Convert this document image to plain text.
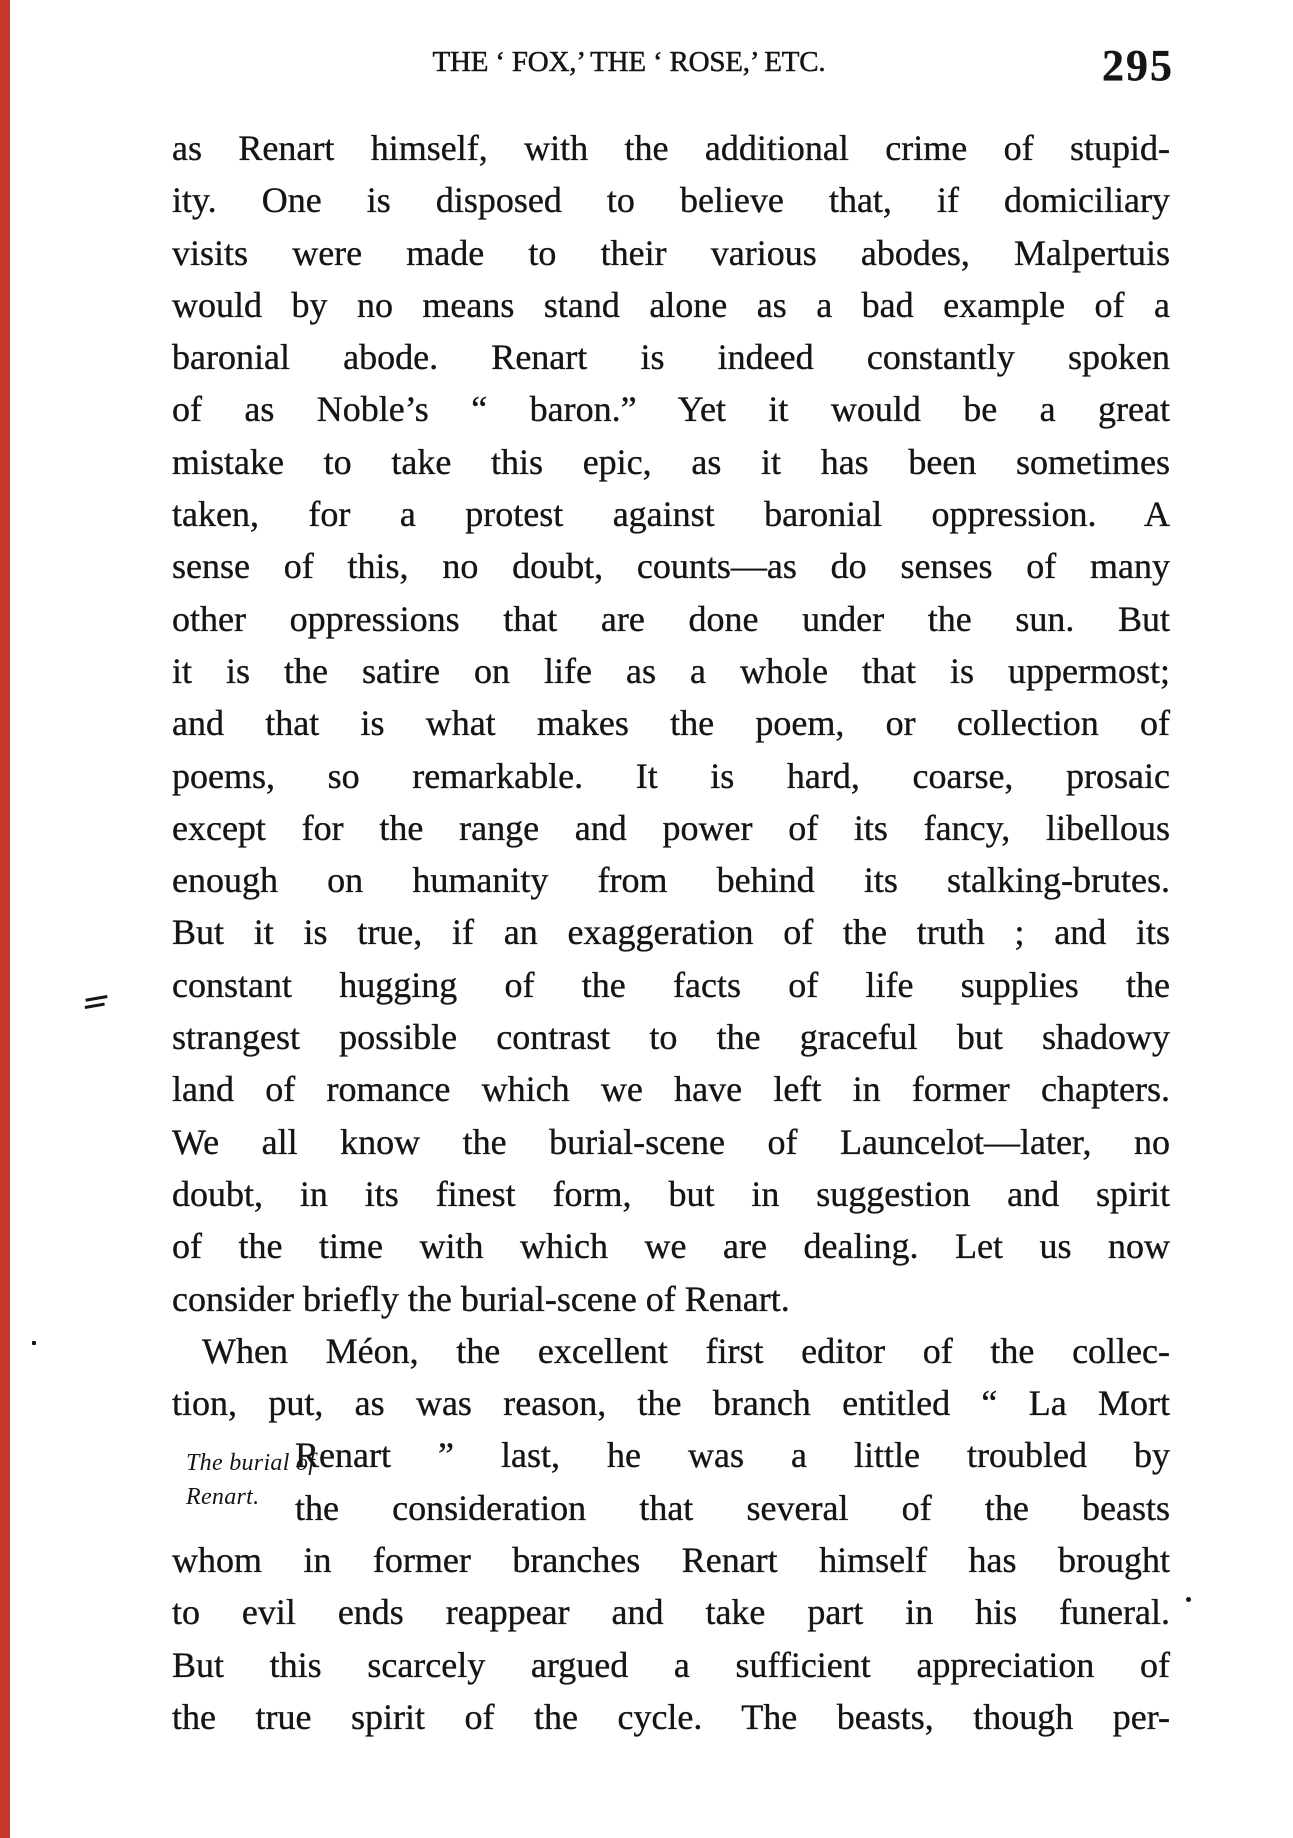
THE ‘ FOX,’ THE ‘ ROSE,’ ETC.	295
as Renart himself, with the additional crime of stupid-
ity. One is disposed to believe that, if domiciliary
visits were made to their various abodes, Malpertuis
would by no means stand alone as a bad example of a
baronial abode. Renart is indeed constantly spoken
of as Noble’s “ baron.” Yet it would be a great
mistake to take this epic, as it has been sometimes
taken, for a protest against baronial oppression. A
sense of this, no doubt, counts—as do senses of many
other oppressions that are done under the sun. But
it is the satire on life as a whole that is uppermost;
and that is what makes the poem, or collection of
poems, so remarkable. It is hard, coarse, prosaic
except for the range and power of its fancy, libellous
enough on humanity from behind its stalking-brutes.
But it is true, if an exaggeration of the truth ; and its
constant hugging of the facts of life supplies the
strangest possible contrast to the graceful but shadowy
land of romance which we have left in former chapters.
We all know the burial-scene of Launcelot—later, no
doubt, in its finest form, but in suggestion and spirit
of the time with which we are dealing. Let us now
consider briefly the burial-scene of Renart.
When Méon, the excellent first editor of the collec-
tion, put, as was reason, the branch entitled “ La Mort
Renart ” last, he was a little troubled by
the consideration that several of the beasts
whom in former branches Renart himself has brought
to evil ends reappear and take part in his funeral.
But this scarcely argued a sufficient appreciation of
the true spirit of the cycle. The beasts, though per-
The burial of
Renart.
